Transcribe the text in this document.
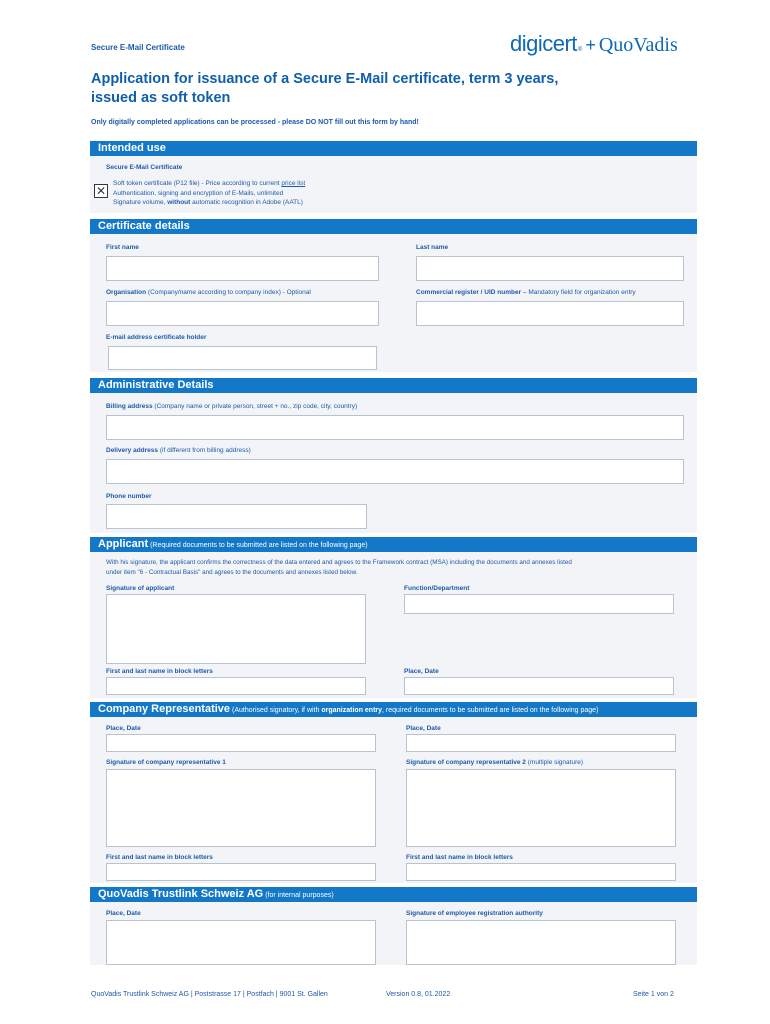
Secure E-Mail Certificate	digicert ® + QuoVadis
Application for issuance of a Secure E-Mail certificate, term 3 years,
issued as soft token
Only digitally completed applications can be processed - please DO NOT fill out this form by hand!
Intended use
Secure E-Mail Certificate
✕
Soft token certificate (P12 file) - Price according to current price list
Authentication, signing and encryption of E-Mails, unlimited
Signature volume, without automatic recognition in Adobe (AATL)
Certificate details
First name	Last name
Organisation (Company/name according to company index) - Optional	Commercial register / UID number – Mandatory field for organization entry
E-mail address certificate holder
Administrative Details
Billing address (Company name or private person, street + no., zip code, city, country)
Delivery address (if different from billing address)
Phone number
Applicant (Required documents to be submitted are listed on the following page)
With his signature, the applicant confirms the correctness of the data entered and agrees to the Framework contract (MSA) including the documents and annexes listed
under item "6 - Contractual Basis" and agrees to the documents and annexes listed below.
Signature of applicant	Function/Department
First and last name in block letters	Place, Date
Company Representative (Authorised signatory, if with organization entry, required documents to be submitted are listed on the following page)
Place, Date	Place, Date
Signature of company representative 1	Signature of company representative 2 (multiple signature)
First and last name in block letters	First and last name in block letters
QuoVadis Trustlink Schweiz AG (for internal purposes)
Place, Date	Signature of employee registration authority
QuoVadis Trustlink Schweiz AG | Poststrasse 17 | Postfach | 9001 St. Gallen	Version 0.8, 01.2022	Seite 1 von 2
